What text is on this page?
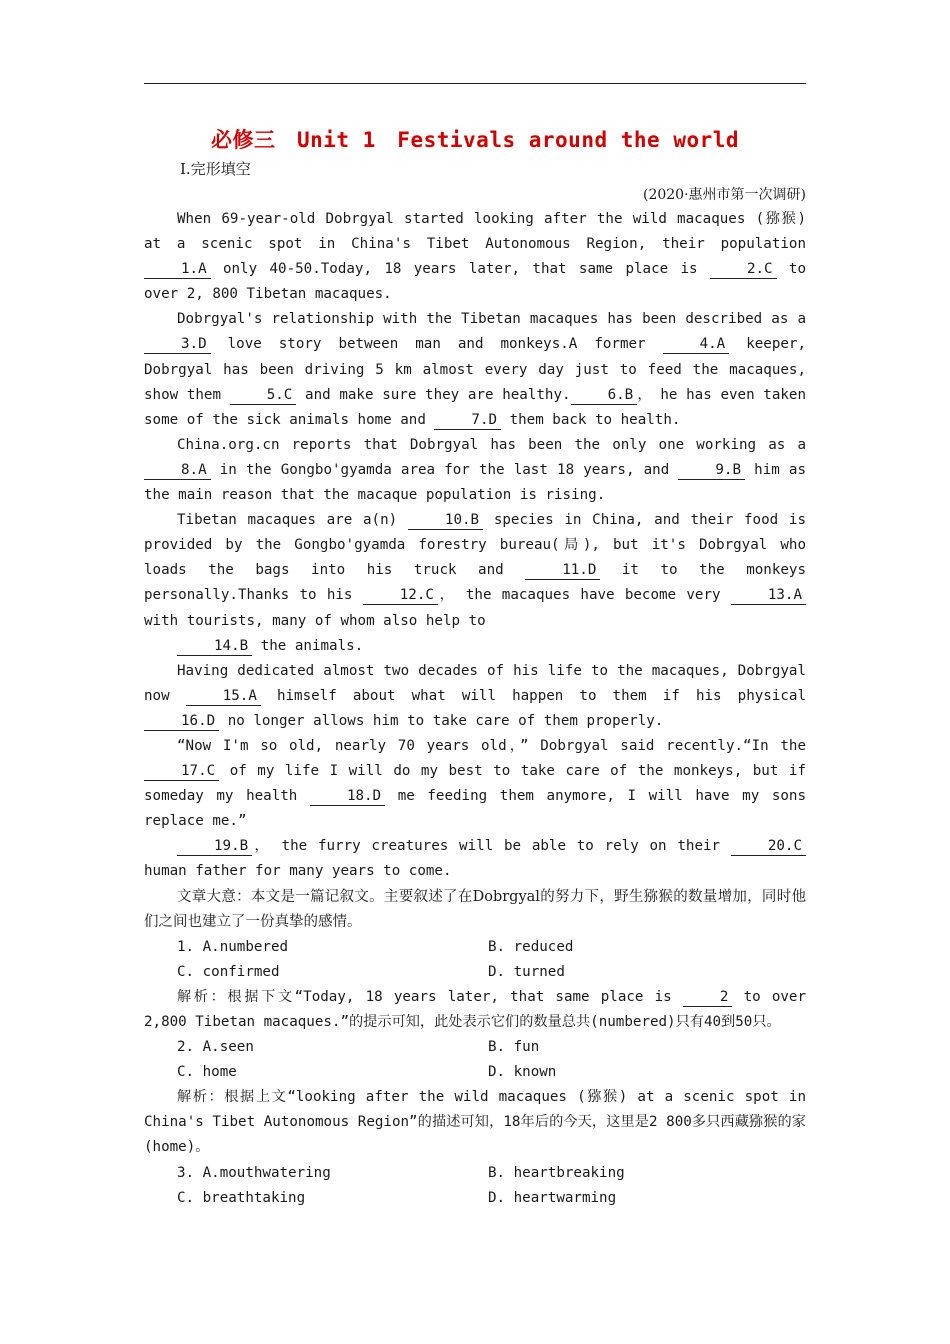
必修三　Unit 1　Festivals around the world
Ⅰ.完形填空
(2020·惠州市第一次调研)

When 69-year-old Dobrgyal started looking after the wild macaques (猕猴) at a scenic spot in China's Tibet Autonomous Region, their population 1.A only 40-50.Today, 18 years later, that same place is	2.C to over 2, 800 Tibetan macaques.

Dobrgyal's relationship with the Tibetan macaques has been described as a 3.D love story between man and monkeys.A former	4.A keeper, Dobrgyal has been driving 5 km almost every day just to feed the macaques, show them	5.C and make sure they are healthy.	6.B ， he has even taken some of the sick animals home and	7.D them back to health.

China.org.cn reports that Dobrgyal has been the only one working as a 8.A in the Gongbo'gyamda area for the last 18 years, and	9.B him as the main reason that the macaque population is rising.

Tibetan macaques are a(n)	10.B species in China, and their food is provided by the Gongbo'gyamda forestry bureau(局), but it's Dobrgyal who loads the bags into his truck and	11.D it to the monkeys personally.Thanks to his	12.C ， the macaques have become very	13.A with tourists, many of whom also help to

14.B the animals.

Having dedicated almost two decades of his life to the macaques, Dobrgyal now	15.A himself about what will happen to them if his physical 16.D no longer allows him to take care of them properly.

“Now I'm so old, nearly 70 years old，” Dobrgyal said recently.“In the 17.C of my life I will do my best to take care of the monkeys, but if someday my health	18.D me feeding them anymore, I will have my sons replace me.”

19.B ， the furry creatures will be able to rely on their	20.C human father for many years to come.

文章大意：本文是一篇记叙文。主要叙述了在Dobrgyal的努力下，野生猕猴的数量增加，同时他们之间也建立了一份真挚的感情。

1. A.numbered	B. reduced
C. confirmed	D. turned

解析：根据下文“Today, 18 years later, that same place is	2 to over 2,800 Tibetan macaques.”的提示可知，此处表示它们的数量总共(numbered)只有40到50只。

2. A.seen	B. fun
C. home	D. known

解析：根据上文“looking after the wild macaques (猕猴) at a scenic spot in China's Tibet Autonomous Region”的描述可知，18年后的今天，这里是2 800多只西藏猕猴的家(home)。

3. A.mouthwatering	B. heartbreaking
C. breathtaking	D. heartwarming
